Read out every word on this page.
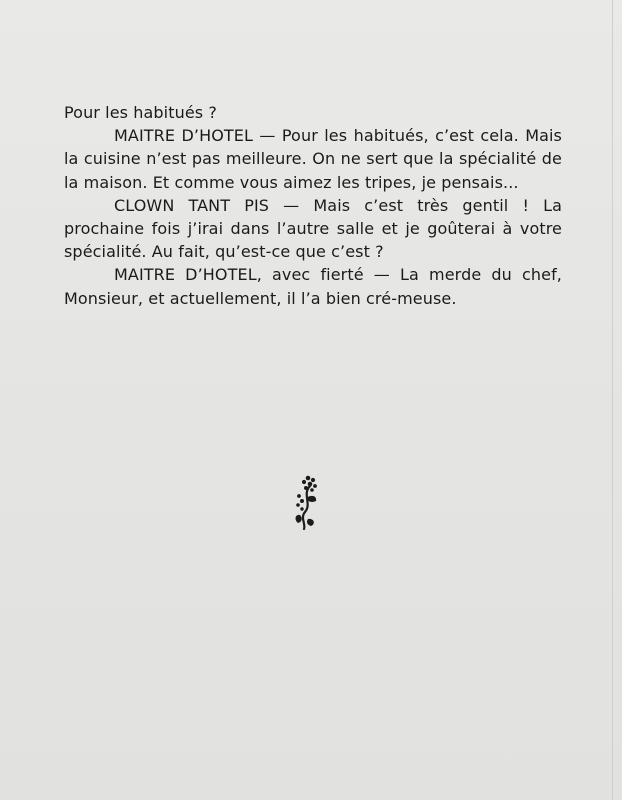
Pour les habitués ?

MAITRE D’HOTEL — Pour les habitués, c’est cela. Mais la cuisine n’est pas meilleure. On ne sert que la spécialité de la maison. Et comme vous aimez les tripes, je pensais...

CLOWN TANT PIS — Mais c’est très gentil ! La prochaine fois j’irai dans l’autre salle et je goûterai à votre spécialité. Au fait, qu’est-ce que c’est ?

MAITRE D’HOTEL, avec fierté — La merde du chef, Monsieur, et actuellement, il l’a bien cré-meuse.
